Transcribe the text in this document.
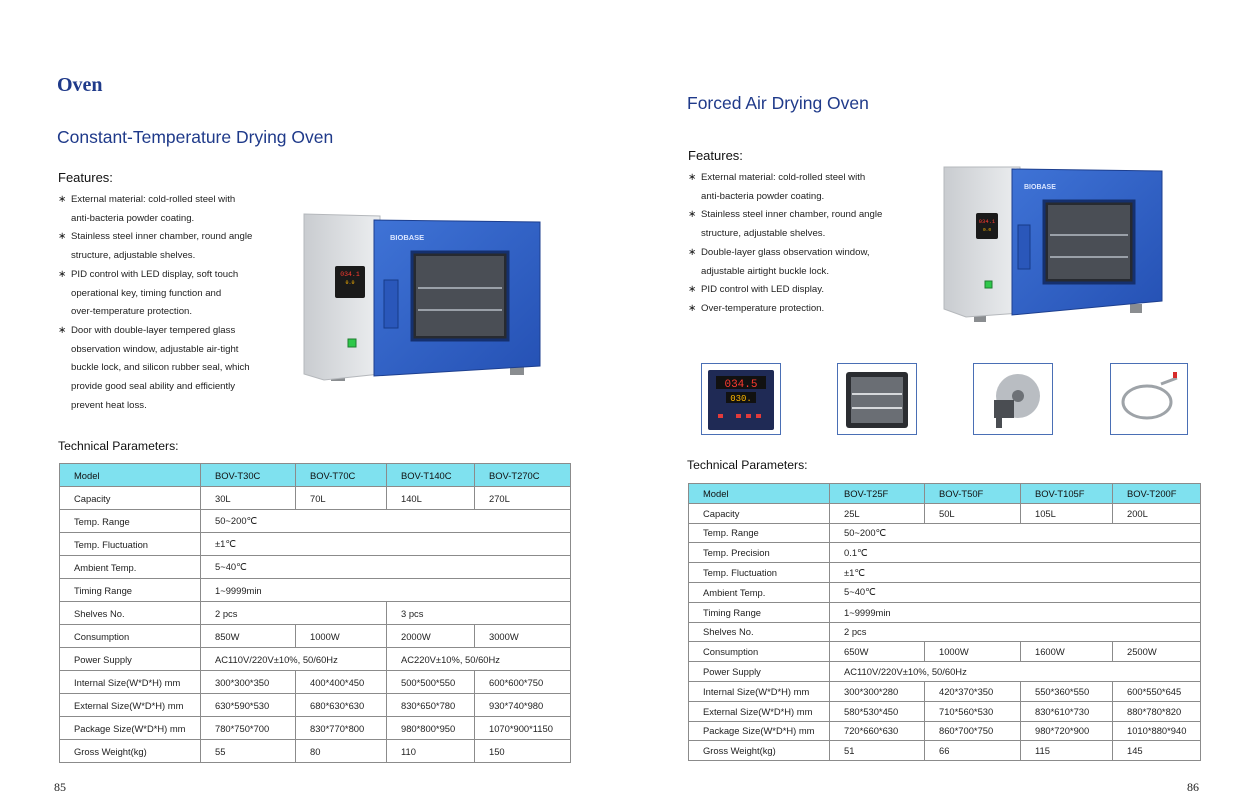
Oven
Constant-Temperature Drying Oven
Features:
∗ External material: cold-rolled steel with
anti-bacteria powder coating.
∗ Stainless steel inner chamber, round angle
structure, adjustable shelves.
∗ PID control with LED display, soft touch
operational key, timing function and
over-temperature protection.
∗ Door with double-layer tempered glass
observation window, adjustable air-tight
buckle lock, and silicon rubber seal, which
provide good seal ability and efficiently
prevent heat loss.
034.1
0.0
BIOBASE
Technical Parameters:
Model	BOV-T30C	BOV-T70C	BOV-T140C	BOV-T270C
Capacity	30L	70L	140L	270L
Temp. Range	50~200℃			
Temp. Fluctuation	±1℃			
Ambient Temp.	5~40℃			
Timing Range	1~9999min			
Shelves No.	2 pcs		3 pcs	
Consumption	850W	1000W	2000W	3000W
Power Supply	AC110V/220V±10%, 50/60Hz		AC220V±10%, 50/60Hz	
Internal Size(W*D*H) mm	300*300*350	400*400*450	500*500*550	600*600*750
External Size(W*D*H) mm	630*590*530	680*630*630	830*650*780	930*740*980
Package Size(W*D*H) mm	780*750*700	830*770*800	980*800*950	1070*900*1150
Gross Weight(kg)	55	80	110	150
85
Forced Air Drying Oven
Features:
∗ External material: cold-rolled steel with
anti-bacteria powder coating.
∗ Stainless steel inner chamber, round angle
structure, adjustable shelves.
∗ Double-layer glass observation window,
adjustable airtight buckle lock.
∗ PID control with LED display.
∗ Over-temperature protection.
034.1
0.0
BIOBASE
034.5
030.
Technical Parameters:
Model	BOV-T25F	BOV-T50F	BOV-T105F	BOV-T200F
Capacity	25L	50L	105L	200L
Temp. Range	50~200℃			
Temp. Precision	0.1℃			
Temp. Fluctuation	±1℃			
Ambient Temp.	5~40℃			
Timing Range	1~9999min			
Shelves No.	2 pcs			
Consumption	650W	1000W	1600W	2500W
Power Supply	AC110V/220V±10%, 50/60Hz			
Internal Size(W*D*H) mm	300*300*280	420*370*350	550*360*550	600*550*645
External Size(W*D*H) mm	580*530*450	710*560*530	830*610*730	880*780*820
Package Size(W*D*H) mm	720*660*630	860*700*750	980*720*900	1010*880*940
Gross Weight(kg)	51	66	115	145
86
